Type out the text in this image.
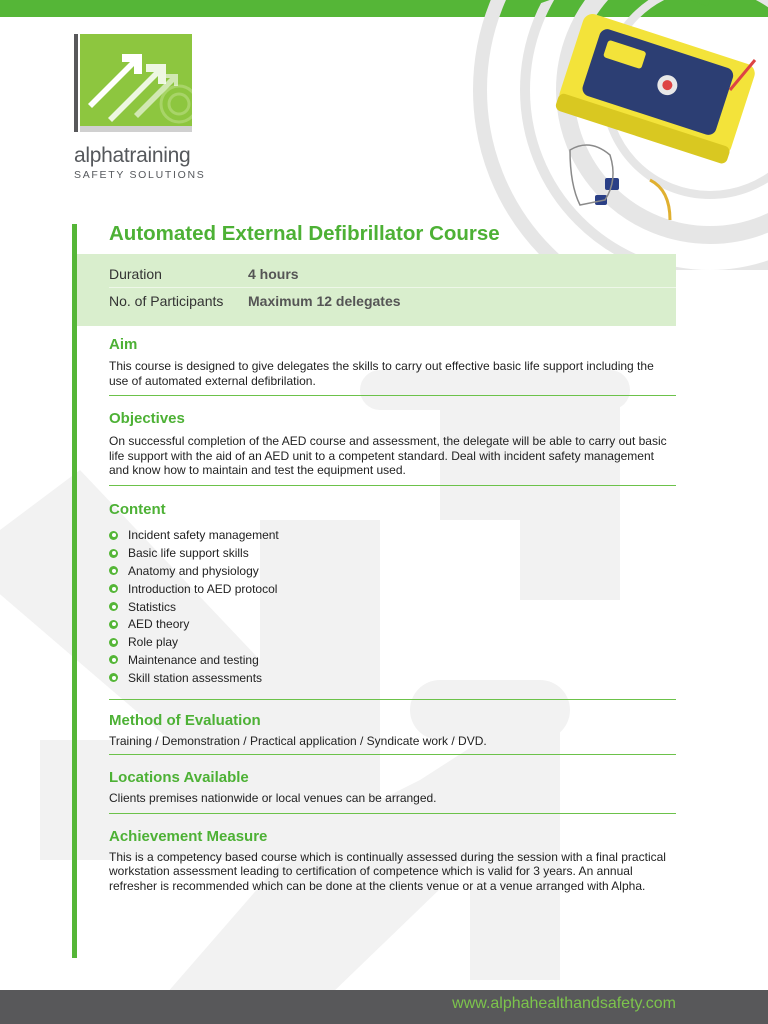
alphatraining
SAFETY SOLUTIONS
Automated External Defibrillator Course
Duration	4 hours
No. of Participants	Maximum 12 delegates
Aim

This course is designed to give delegates the skills to carry out effective basic life support including the use of automated external defibrilation.

Objectives

On successful completion of the AED course and assessment, the delegate will be able to carry out basic life support with the aid of an AED unit to a competent standard. Deal with incident safety management and know how to maintain and test the equipment used.

Content
Incident safety management
Basic life support skills
Anatomy and physiology
Introduction to AED protocol
Statistics
AED theory
Role play
Maintenance and testing
Skill station assessments
Method of Evaluation

Training / Demonstration / Practical application / Syndicate work / DVD.

Locations Available

Clients premises nationwide or local venues can be arranged.

Achievement Measure

This is a competency based course which is continually assessed during the session with a final practical workstation assessment leading to certification of competence which is valid for 3 years. An annual refresher is recommended which can be done at the clients venue or at a venue arranged with Alpha.

www.alphahealthandsafety.com
